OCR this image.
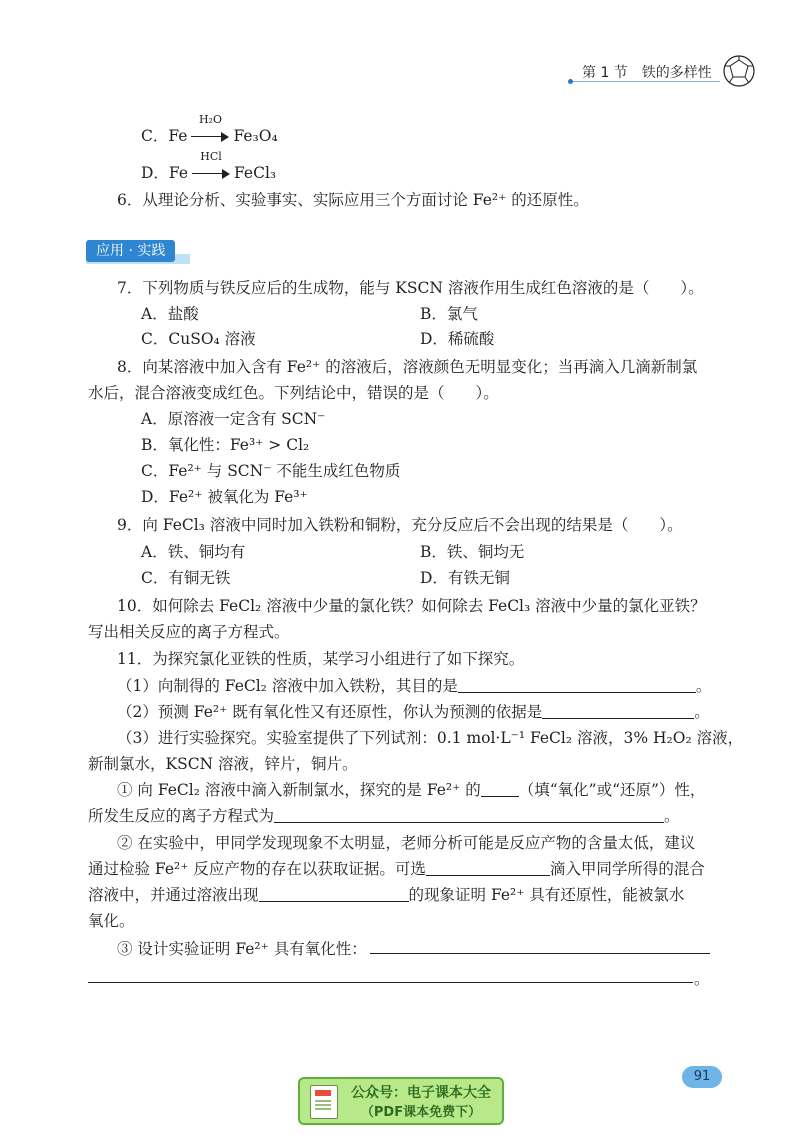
第 1 节　铁的多样性
C．Fe
H₂O
Fe₃O₄
D．Fe
HCl
FeCl₃
6．从理论分析、实验事实、实际应用三个方面讨论 Fe²⁺ 的还原性。
应用 · 实践
7．下列物质与铁反应后的生成物，能与 KSCN 溶液作用生成红色溶液的是（　　）。
A．盐酸	B．氯气
C．CuSO₄ 溶液	D．稀硫酸
8．向某溶液中加入含有 Fe²⁺ 的溶液后，溶液颜色无明显变化；当再滴入几滴新制氯
水后，混合溶液变成红色。下列结论中，错误的是（　　）。
A．原溶液一定含有 SCN⁻
B．氧化性：Fe³⁺ > Cl₂
C．Fe²⁺ 与 SCN⁻ 不能生成红色物质
D．Fe²⁺ 被氧化为 Fe³⁺
9．向 FeCl₃ 溶液中同时加入铁粉和铜粉，充分反应后不会出现的结果是（　　）。
A．铁、铜均有	B．铁、铜均无
C．有铜无铁	D．有铁无铜
10．如何除去 FeCl₂ 溶液中少量的氯化铁？如何除去 FeCl₃ 溶液中少量的氯化亚铁？
写出相关反应的离子方程式。
11．为探究氯化亚铁的性质，某学习小组进行了如下探究。
（1）向制得的 FeCl₂ 溶液中加入铁粉，其目的是	。
（2）预测 Fe²⁺ 既有氧化性又有还原性，你认为预测的依据是	。
（3）进行实验探究。实验室提供了下列试剂：0.1 mol·L⁻¹ FeCl₂ 溶液，3% H₂O₂ 溶液，
新制氯水，KSCN 溶液，锌片，铜片。
① 向 FeCl₂ 溶液中滴入新制氯水，探究的是 Fe²⁺ 的 （填“氧化”或“还原”）性，
所发生反应的离子方程式为	。
② 在实验中，甲同学发现现象不太明显，老师分析可能是反应产物的含量太低，建议
通过检验 Fe²⁺ 反应产物的存在以获取证据。可选	滴入甲同学所得的混合
溶液中，并通过溶液出现	的现象证明 Fe²⁺ 具有还原性，能被氯水
氧化。
③ 设计实验证明 Fe²⁺ 具有氧化性：
。
91
公众号：电子课本大全
（PDF课本免费下）
